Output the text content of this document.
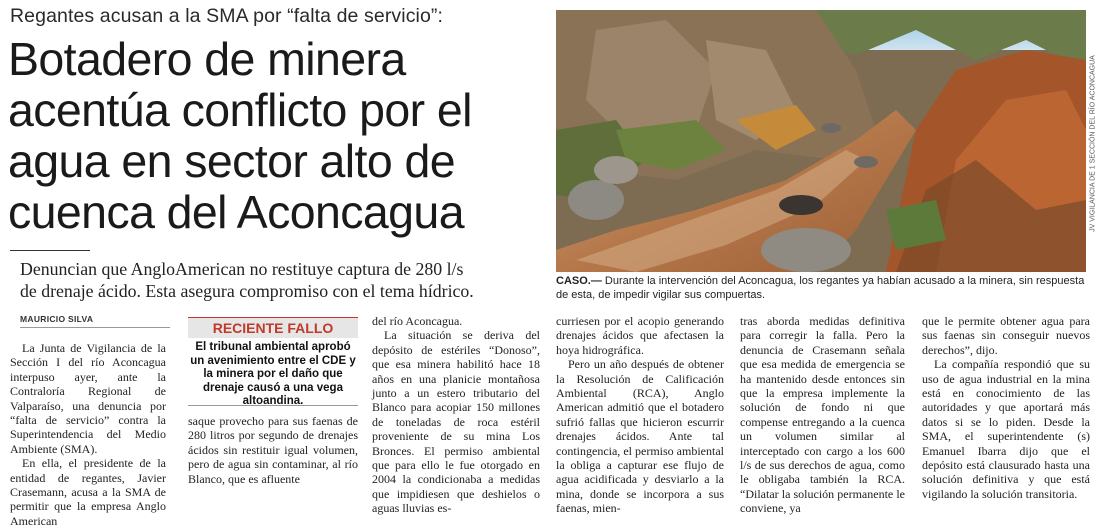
Regantes acusan a la SMA por “falta de servicio”:
Botadero de minera
acentúa conflicto por el
agua en sector alto de
cuenca del Aconcagua
Denuncian que AngloAmerican no restituye captura de 280 l/s
de drenaje ácido. Esta asegura compromiso con el tema hídrico.
JV VIGILANCIA DE 1 SECCIÓN DEL RÍO ACONCAGUA
CASO.— Durante la intervención del Aconcagua, los regantes ya habían acusado a la minera, sin respuesta de esta, de impedir vigilar sus compuertas.
MAURICIO SILVA

La Junta de Vigilancia de la Sección I del río Aconcagua interpuso ayer, ante la Contraloría Regional de Valparaíso, una denuncia por “falta de servicio” contra la Superintendencia del Medio Ambiente (SMA).

En ella, el presidente de la entidad de regantes, Javier Crasemann, acusa a la SMA de permitir que la empresa Anglo American

RECIENTE FALLO
El tribunal ambiental aprobó un avenimiento entre el CDE y la minera por el daño que drenaje causó a una vega altoandina.

saque provecho para sus faenas de 280 litros por segundo de drenajes ácidos sin restituir igual volumen, pero de agua sin contaminar, al río Blanco, que es afluente

del río Aconcagua.

La situación se deriva del depósito de estériles “Donoso”, que esa minera habilitó hace 18 años en una planicie montañosa junto a un estero tributario del Blanco para acopiar 150 millones de toneladas de roca estéril proveniente de su mina Los Bronces. El permiso ambiental que para ello le fue otorgado en 2004 la condicionaba a medidas que impidiesen que deshielos o aguas lluvias es-

curriesen por el acopio generando drenajes ácidos que afectasen la hoya hidrográfica.

Pero un año después de obtener la Resolución de Calificación Ambiental (RCA), Anglo American admitió que el botadero sufrió fallas que hicieron escurrir drenajes ácidos. Ante tal contingencia, el permiso ambiental la obliga a capturar ese flujo de agua acidificada y desviarlo a la mina, donde se incorpora a sus faenas, mien-

tras aborda medidas definitiva para corregir la falla. Pero la denuncia de Crasemann señala que esa medida de emergencia se ha mantenido desde entonces sin que la empresa implemente la solución de fondo ni que compense entregando a la cuenca un volumen similar al interceptado con cargo a los 600 l/s de sus derechos de agua, como le obligaba también la RCA. “Dilatar la solución permanente le conviene, ya

que le permite obtener agua para sus faenas sin conseguir nuevos derechos”, dijo.

La compañía respondió que su uso de agua industrial en la mina está en conocimiento de las autoridades y que aportará más datos si se lo piden. Desde la SMA, el superintendente (s) Emanuel Ibarra dijo que el depósito está clausurado hasta una solución definitiva y que está vigilando la solución transitoria.
